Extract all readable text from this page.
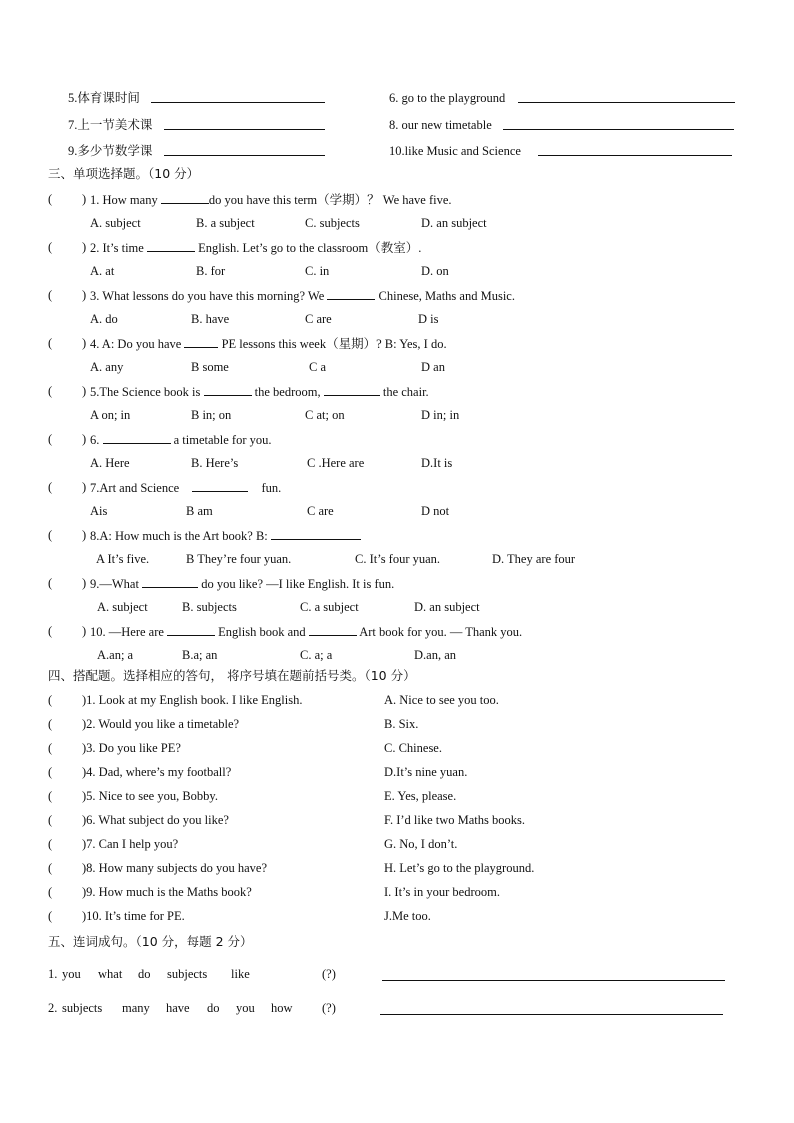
5.体育课时间	6. go to the playground
7.上一节美术课	8. our new timetable
9.多少节数学课	10.like Music and Science
三、单项选择题。（10 分）
( ) 1. How many	do you have this term（学期）？ We have five.
A. subject	B. a subject	C. subjects	D. an subject
( ) 2. It’s time	English. Let’s go to the classroom（教室）.
A. at	B. for	C. in	D. on
( ) 3. What lessons do you have this morning? We	Chinese, Maths and Music.
A. do	B. have	C are	D is
( ) 4. A: Do you have	PE lessons this week（星期）? B: Yes, I do.
A. any	B some	C a	D an
( ) 5.The Science book is	the bedroom,	the chair.
A on; in	B in; on	C at; on	D in; in
( ) 6.	a timetable for you.
A. Here	B. Here’s	C .Here are	D.It is
( ) 7.Art and Science	fun.
Ais	B am	C are	D not
( ) 8.A: How much is the Art book? B:
A It’s five.	B They’re four yuan.	C. It’s four yuan.	D. They are four
( ) 9.—What	do you like? —I like English. It is fun.
A. subject	B. subjects	C. a subject	D. an subject
( ) 10. —Here are	English book and	Art book for you. — Thank you.
A.an; a	B.a; an	C. a; a	D.an, an
四、搭配题。选择相应的答句， 将序号填在题前括号类。（10 分）
( )1. Look at my English book. I like English.	A. Nice to see you too.
( )2. Would you like a timetable?	B. Six.
( )3. Do you like PE?	C. Chinese.
( )4. Dad, where’s my football?	D.It’s nine yuan.
( )5. Nice to see you, Bobby.	E. Yes, please.
( )6. What subject do you like?	F. I’d like two Maths books.
( )7. Can I help you?	G. No, I don’t.
( )8. How many subjects do you have?	H. Let’s go to the playground.
( )9. How much is the Maths book?	I. It’s in your bedroom.
( )10. It’s time for PE.	J.Me too.
五、连词成句。（10 分，每题 2 分）
1. you what do subjects like	(?)
2. subjects many have do you how (?)
